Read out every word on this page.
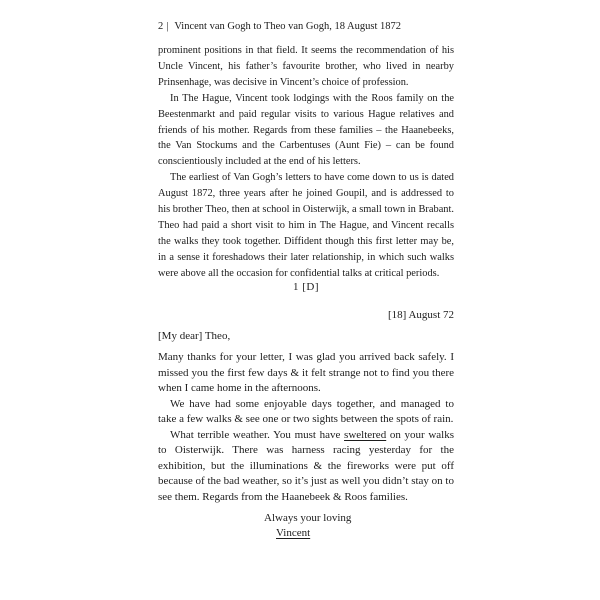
2 | Vincent van Gogh to Theo van Gogh, 18 August 1872

prominent positions in that field. It seems the recommendation of his Uncle Vincent, his father’s favourite brother, who lived in nearby Prinsenhage, was decisive in Vincent’s choice of profession.

In The Hague, Vincent took lodgings with the Roos family on the Beestenmarkt and paid regular visits to various Hague relatives and friends of his mother. Regards from these families – the Haanebeeks, the Van Stockums and the Carbentuses (Aunt Fie) – can be found conscientiously included at the end of his letters.

The earliest of Van Gogh’s letters to have come down to us is dated August 1872, three years after he joined Goupil, and is addressed to his brother Theo, then at school in Oisterwijk, a small town in Brabant. Theo had paid a short visit to him in The Hague, and Vincent recalls the walks they took together. Diffident though this first letter may be, in a sense it foreshadows their later relationship, in which such walks were above all the occasion for confidential talks at critical periods.

1 [D]
[18] August 72
[My dear] Theo,

Many thanks for your letter, I was glad you arrived back safely. I missed you the first few days & it felt strange not to find you there when I came home in the afternoons.

We have had some enjoyable days together, and managed to take a few walks & see one or two sights between the spots of rain.

What terrible weather. You must have sweltered on your walks to Oisterwijk. There was harness racing yesterday for the exhibition, but the illuminations & the fireworks were put off because of the bad weather, so it’s just as well you didn’t stay on to see them. Regards from the Haanebeek & Roos families.

Always your loving
Vincent
